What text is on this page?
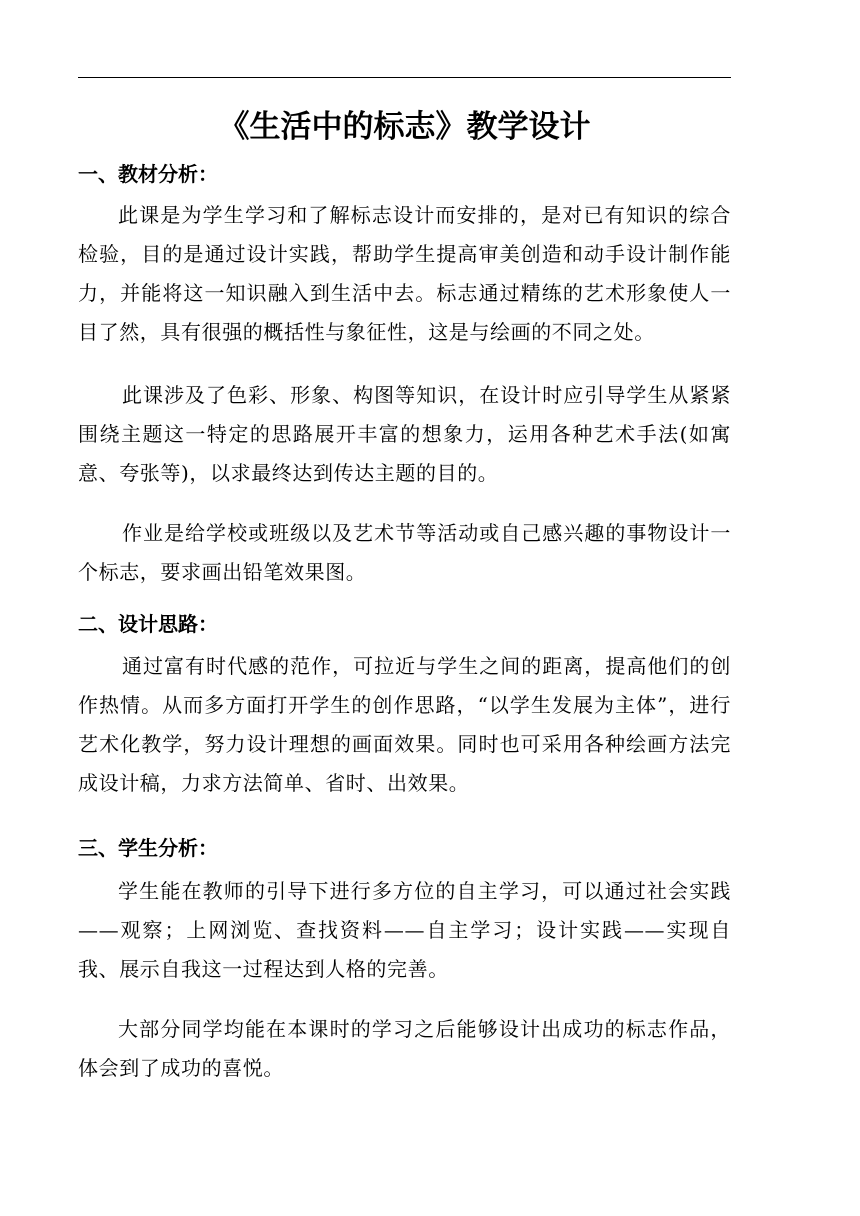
《生活中的标志》教学设计
一、教材分析：

此课是为学生学习和了解标志设计而安排的，是对已有知识的综合检验，目的是通过设计实践，帮助学生提高审美创造和动手设计制作能力，并能将这一知识融入到生活中去。标志通过精练的艺术形象使人一目了然，具有很强的概括性与象征性，这是与绘画的不同之处。

此课涉及了色彩、形象、构图等知识，在设计时应引导学生从紧紧围绕主题这一特定的思路展开丰富的想象力，运用各种艺术手法(如寓意、夸张等)，以求最终达到传达主题的目的。

作业是给学校或班级以及艺术节等活动或自己感兴趣的事物设计一个标志，要求画出铅笔效果图。

二、设计思路：

通过富有时代感的范作，可拉近与学生之间的距离，提高他们的创作热情。从而多方面打开学生的创作思路，“以学生发展为主体”，进行艺术化教学，努力设计理想的画面效果。同时也可采用各种绘画方法完成设计稿，力求方法简单、省时、出效果。

三、学生分析：

学生能在教师的引导下进行多方位的自主学习，可以通过社会实践——观察；上网浏览、查找资料——自主学习；设计实践——实现自我、展示自我这一过程达到人格的完善。

大部分同学均能在本课时的学习之后能够设计出成功的标志作品，体会到了成功的喜悦。
